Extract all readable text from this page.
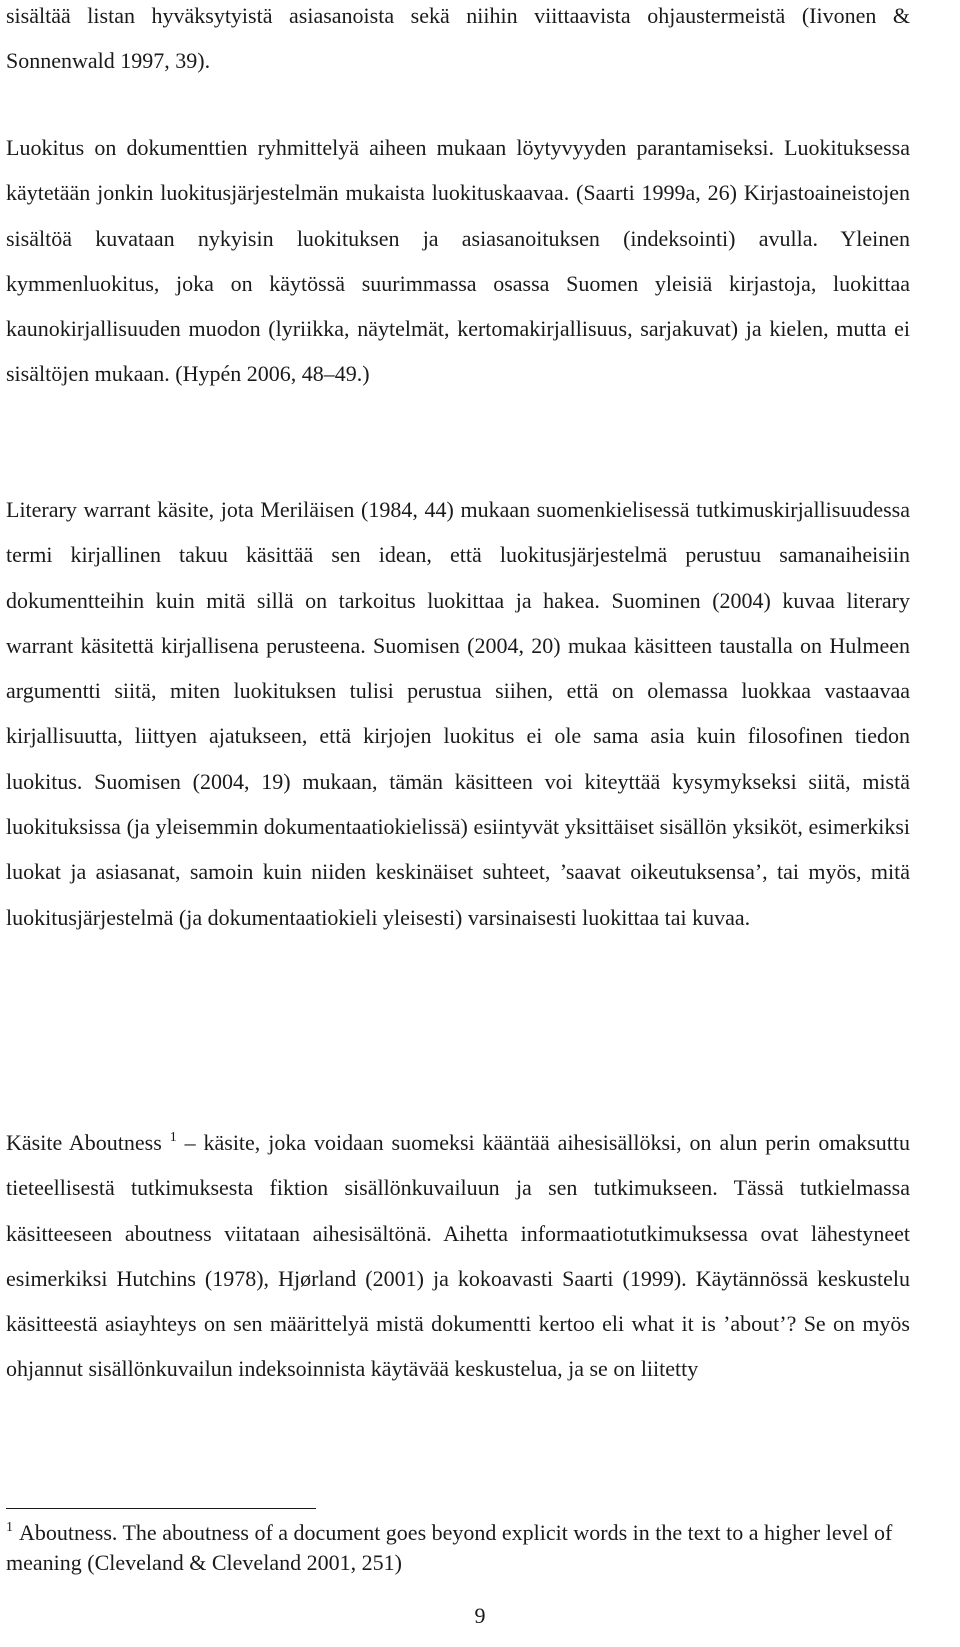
sisältää listan hyväksytyistä asiasanoista sekä niihin viittaavista ohjaustermeistä (Iivonen & Sonnenwald 1997, 39).

Luokitus on dokumenttien ryhmittelyä aiheen mukaan löytyvyyden parantamiseksi. Luokituksessa käytetään jonkin luokitusjärjestelmän mukaista luokituskaavaa. (Saarti 1999a, 26) Kirjastoaineistojen sisältöä kuvataan nykyisin luokituksen ja asiasanoituksen (indeksointi) avulla. Yleinen kymmenluokitus, joka on käytössä suurimmassa osassa Suomen yleisiä kirjastoja, luokittaa kaunokirjallisuuden muodon (lyriikka, näytelmät, kertomakirjallisuus, sarjakuvat) ja kielen, mutta ei sisältöjen mukaan. (Hypén 2006, 48–49.)

Literary warrant käsite, jota Meriläisen (1984, 44) mukaan suomenkielisessä tutkimuskirjallisuudessa termi kirjallinen takuu käsittää sen idean, että luokitusjärjestelmä perustuu samanaiheisiin dokumentteihin kuin mitä sillä on tarkoitus luokittaa ja hakea. Suominen (2004) kuvaa literary warrant käsitettä kirjallisena perusteena. Suomisen (2004, 20) mukaa käsitteen taustalla on Hulmeen argumentti siitä, miten luokituksen tulisi perustua siihen, että on olemassa luokkaa vastaavaa kirjallisuutta, liittyen ajatukseen, että kirjojen luokitus ei ole sama asia kuin filosofinen tiedon luokitus. Suomisen (2004, 19) mukaan, tämän käsitteen voi kiteyttää kysymykseksi siitä, mistä luokituksissa (ja yleisemmin dokumentaatiokielissä) esiintyvät yksittäiset sisällön yksiköt, esimerkiksi luokat ja asiasanat, samoin kuin niiden keskinäiset suhteet, ’saavat oikeutuksensa’, tai myös, mitä luokitusjärjestelmä (ja dokumentaatiokieli yleisesti) varsinaisesti luokittaa tai kuvaa.

Käsite Aboutness $^1$ – käsite, joka voidaan suomeksi kääntää aihesisällöksi, on alun perin omaksuttu tieteellisestä tutkimuksesta fiktion sisällönkuvailuun ja sen tutkimukseen. Tässä tutkielmassa käsitteeseen aboutness viitataan aihesisältönä. Aihetta informaatiotutkimuksessa ovat lähestyneet esimerkiksi Hutchins (1978), Hjørland (2001) ja kokoavasti Saarti (1999). Käytännössä keskustelu käsitteestä asiayhteys on sen määrittelyä mistä dokumentti kertoo eli what it is ’about’? Se on myös ohjannut sisällönkuvailun indeksoinnista käytävää keskustelua, ja se on liitetty

$^1$ Aboutness. The aboutness of a document goes beyond explicit words in the text to a higher level of meaning (Cleveland & Cleveland 2001, 251)

9
